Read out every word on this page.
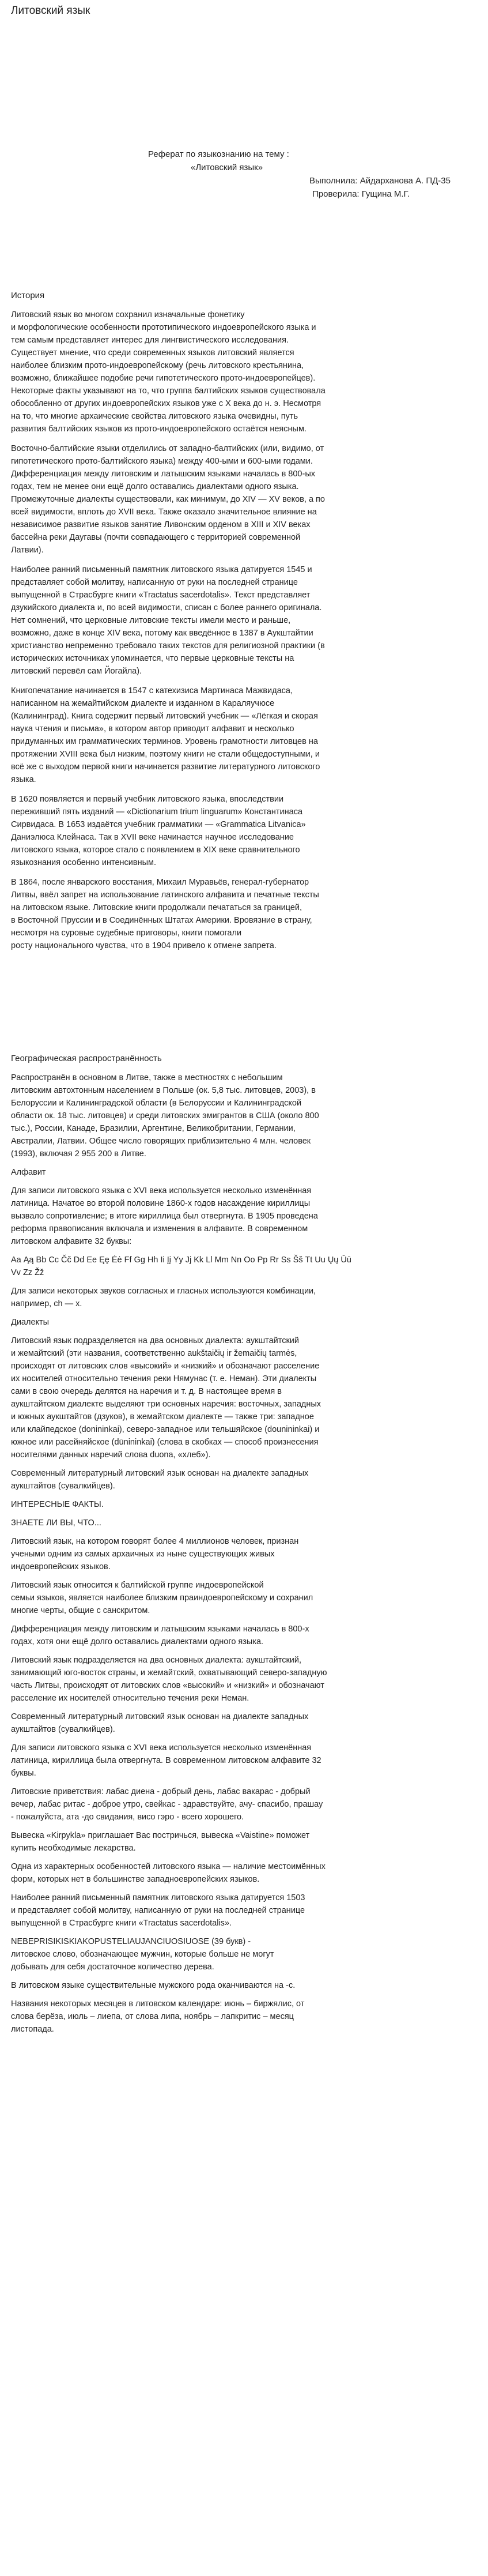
Литовский язык
Реферат по языкознанию на тему :
«Литовский язык»
Выполнила: Айдарханова А. ПД-35
Проверила: Гущина М.Г.
История

Литовский язык во многом сохранил изначальные фонетику
и морфологические особенности прототипического индоевропейского языка и
тем самым представляет интерес для лингвистического исследования.
Существует мнение, что среди современных языков литовский является
наиболее близким прото-индоевропейскому (речь литовского крестьянина,
возможно, ближайшее подобие речи гипотетического прото-индоевропейцев).
Некоторые факты указывают на то, что группа балтийских языков существовала
обособленно от других индоевропейских языков уже с X века до н. э. Несмотря
на то, что многие архаические свойства литовского языка очевидны, путь
развития балтийских языков из прото-индоевропейского остаётся неясным.

Восточно-балтийские языки отделились от западно-балтийских (или, видимо, от
гипотетического прото-балтийского языка) между 400-ыми и 600-ыми годами.
Дифференциация между литовским и латышским языками началась в 800-ых
годах, тем не менее они ещё долго оставались диалектами одного языка.
Промежуточные диалекты существовали, как минимум, до XIV — XV веков, а по
всей видимости, вплоть до XVII века. Также оказало значительное влияние на
независимое развитие языков занятие Ливонским орденом в XIII и XIV веках
бассейна реки Даугавы (почти совпадающего с территорией современной
Латвии).

Наиболее ранний письменный памятник литовского языка датируется 1545 и
представляет собой молитву, написанную от руки на последней странице
выпущенной в Страсбурге книги «Tractatus sacerdotalis». Текст представляет
дзукийского диалекта и, по всей видимости, списан с более раннего оригинала.
Нет сомнений, что церковные литовские тексты имели место и раньше,
возможно, даже в конце XIV века, потому как введённое в 1387 в Аукштайтии
христианство непременно требовало таких текстов для религиозной практики (в
исторических источниках упоминается, что первые церковные тексты на
литовский перевёл сам Йогайла).

Книгопечатание начинается в 1547 с катехизиса Мартинаса Мажвидаса,
написанном на жемайтийском диалекте и изданном в Караляучюсе
(Калининград). Книга содержит первый литовский учебник — «Лёгкая и скорая
наука чтения и письма», в котором автор приводит алфавит и несколько
придуманных им грамматических терминов. Уровень грамотности литовцев на
протяжении XVIII века был низким, поэтому книги не стали общедоступными, и
всё же с выходом первой книги начинается развитие литературного литовского
языка.

В 1620 появляется и первый учебник литовского языка, впоследствии
переживший пять изданий — «Dictionarium trium linguarum» Константинаса
Сирвидаса. В 1653 издаётся учебник грамматики — «Grammatica Litvanica»
Даниэлюса Клейнаса. Так в XVII веке начинается научное исследование
литовского языка, которое стало с появлением в XIX веке сравнительного
языкознания особенно интенсивным.

В 1864, после январского восстания, Михаил Муравьёв, генерал-губернатор
Литвы, ввёл запрет на использование латинского алфавита и печатные тексты
на литовском языке. Литовские книги продолжали печататься за границей,
в Восточной Пруссии и в Соединённых Штатах Америки. Вровязние в страну,
несмотря на суровые судебные приговоры, книги помогали
росту национального чувства, что в 1904 привело к отмене запрета.

Географическая распространённость

Распространён в основном в Литве, также в местностях с небольшим
литовским автохтонным населением в Польше (ок. 5,8 тыс. литовцев, 2003), в
Белоруссии и Калининградской области (в Белоруссии и Калининградской
области ок. 18 тыс. литовцев) и среди литовских эмигрантов в США (около 800
тыс.), России, Канаде, Бразилии, Аргентине, Великобритании, Германии,
Австралии, Латвии. Общее число говорящих приблизительно 4 млн. человек
(1993), включая 2 955 200 в Литве.

Алфавит

Для записи литовского языка с XVI века используется несколько изменённая
латиница. Начатое во второй половине 1860-х годов насаждение кириллицы
вызвало сопротивление; в итоге кириллица был отвергнута. В 1905 проведена
реформа правописания включала и изменения в алфавите. В современном
литовском алфавите 32 буквы:

Aa Ąą Bb Cc Čč Dd Ee Ęę Ėė Ff Gg Hh Ii Įį Yy Jj Kk Ll Mm Nn Oo Pp Rr Ss Šš Tt Uu Ųų Ūū
Vv Zz Žž

Для записи некоторых звуков согласных и гласных используются комбинации,
например, ch — x.

Диалекты

Литовский язык подразделяется на два основных диалекта: аукштайтский
и жемайтский (эти названия, соответственно aukštaičių ir žemaičių tarmės,
происходят от литовских слов «высокий» и «низкий» и обозначают расселение
их носителей относительно течения реки Нямунас (т. е. Неман). Эти диалекты
сами в свою очередь делятся на наречия и т. д. В настоящее время в
аукштайтском диалекте выделяют три основных наречия: восточных, западных
и южных аукштайтов (дзуков), в жемайтском диалекте — также три: западное
или клайпедское (donininkai), северо-западное или тельшяйское (dounininkai) и
южное или расейняйское (dūnininkai) (слова в скобках — способ произнесения
носителями данных наречий слова duona, «хлеб»).

Современный литературный литовский язык основан на диалекте западных
аукштайтов (сувалкийцев).

ИНТЕРЕСНЫЕ ФАКТЫ.

ЗНАЕТЕ ЛИ ВЫ, ЧТО...

Литовский язык, на котором говорят более 4 миллионов человек, признан
учеными одним из самых архаичных из ныне существующих живых
индоевропейских языков.

Литовский язык относится к балтийской группе индоевропейской
семьи языков, является наиболее близким праиндоевропейскому и сохранил
многие черты, общие с санскритом.

Дифференциация между литовским и латышским языками началась в 800-х
годах, хотя они ещё долго оставались диалектами одного языка.

Литовский язык подразделяется на два основных диалекта: аукштайтский,
занимающий юго-восток страны, и жемайтский, охватывающий северо-западную
часть Литвы, происходят от литовских слов «высокий» и «низкий» и обозначают
расселение их носителей относительно течения реки Неман.

Современный литературный литовский язык основан на диалекте западных
аукштайтов (сувалкийцев).

Для записи литовского языка с XVI века используется несколько изменённая
латиница, кириллица была отвергнута. В современном литовском алфавите 32
буквы.

Литовские приветствия: лабас диена - добрый день, лабас вакарас - добрый
вечер, лабас ритас - доброе утро, свейкас - здравствуйте, ачу- спасибо, прашау
- пожалуйста, ата -до свидания, виcо гэро - всего хорошего.

Вывеска «Kirpykla» приглашает Вас постричься, вывеска «Vaistine» поможет
купить необходимые лекарства.

Одна из характерных особенностей литовского языка — наличие местоимённых
форм, которых нет в большинстве западноевропейских языков.

Наиболее ранний письменный памятник литовского языка датируется 1503
и представляет собой молитву, написанную от руки на последней странице
выпущенной в Страсбурге книги «Tractatus sacerdotalis».

NEBEPRISIKISKIAKOPUSTELIAUJANCIUOSIUOSE (39 букв) -
литовское слово, обозначающее мужчин, которые больше не могут
добывать для себя достаточное количество дерева.

В литовском языке существительные мужского рода оканчиваются на -с.

Названия некоторых месяцев в литовском календаре: июнь – биржялис, от
слова берёза, июль – лиепа, от слова липа, ноябрь – лапкритис – месяц
листопада.
